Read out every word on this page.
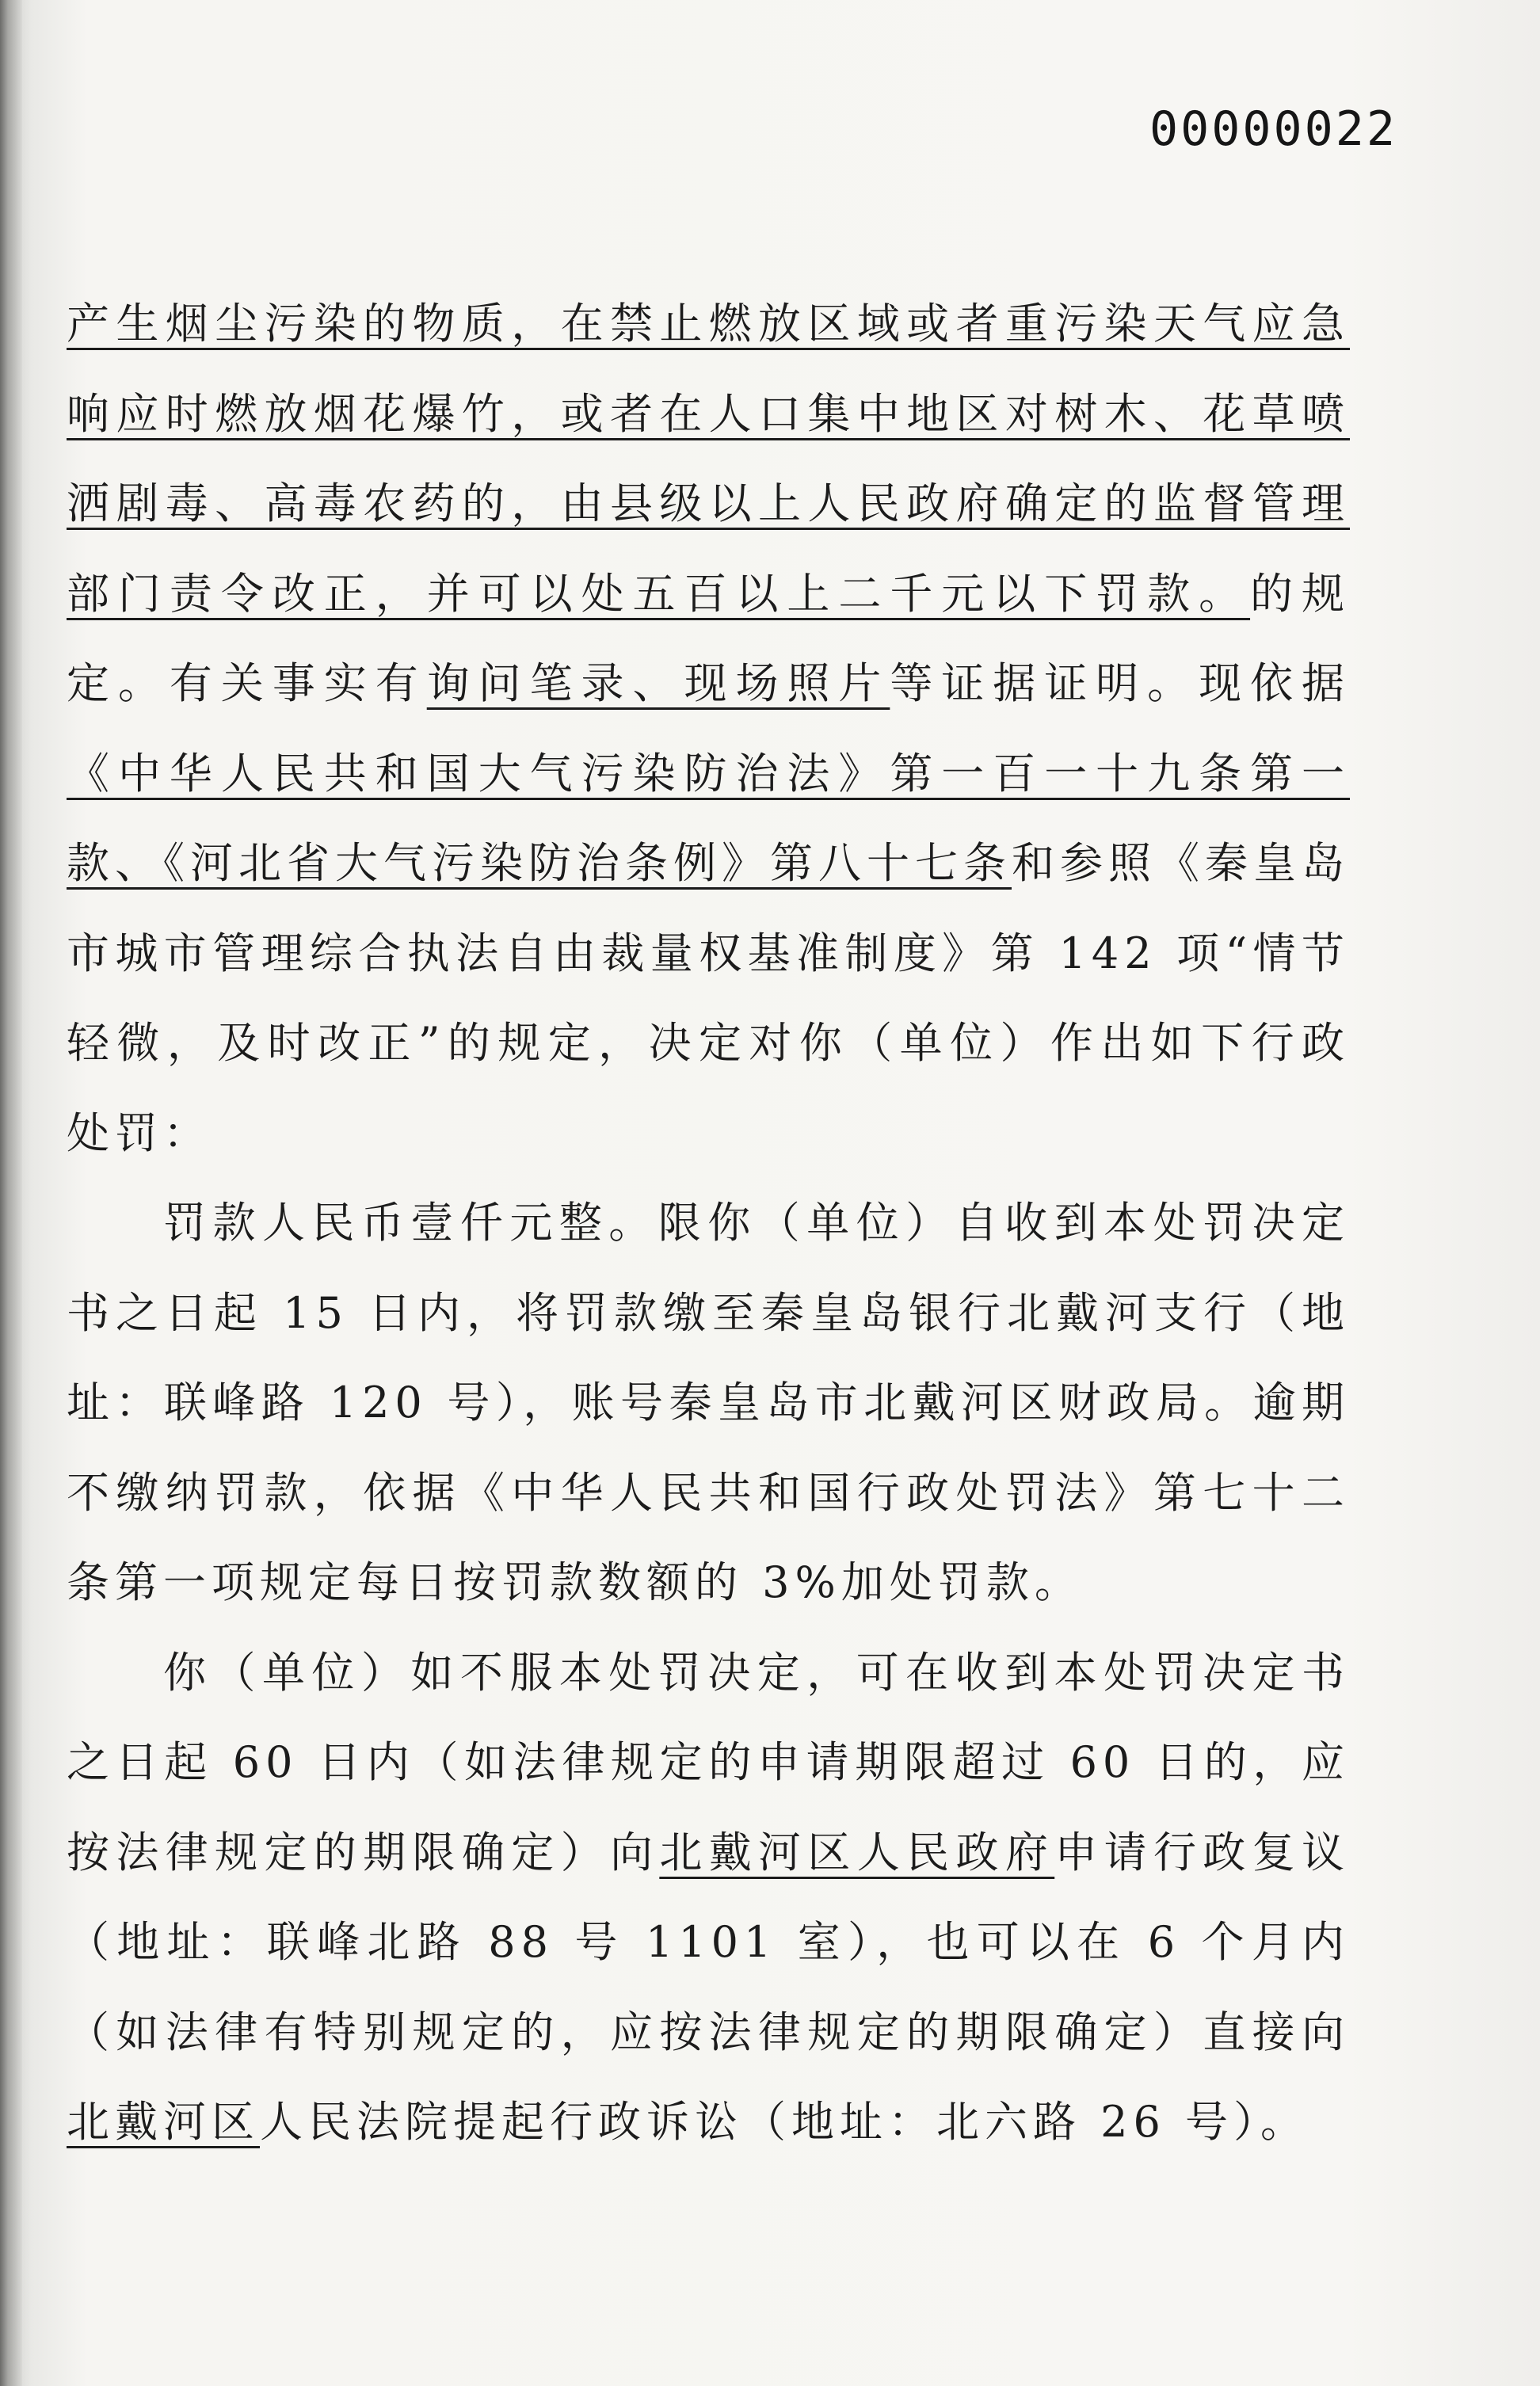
00000022

产生烟尘污染的物质，在禁止燃放区域或者重污染天气应急响应时燃放烟花爆竹，或者在人口集中地区对树木、花草喷洒剧毒、高毒农药的，由县级以上人民政府确定的监督管理部门责令改正，并可以处五百以上二千元以下罚款。的规定。有关事实有询问笔录、现场照片等证据证明。现依据《中华人民共和国大气污染防治法》第一百一十九条第一款、《河北省大气污染防治条例》第八十七条和参照《秦皇岛市城市管理综合执法自由裁量权基准制度》第 142 项“情节轻微，及时改正”的规定，决定对你（单位）作出如下行政处罚：

罚款人民币壹仟元整。限你（单位）自收到本处罚决定书之日起 15 日内，将罚款缴至秦皇岛银行北戴河支行（地址：联峰路 120 号），账号秦皇岛市北戴河区财政局。逾期不缴纳罚款，依据《中华人民共和国行政处罚法》第七十二条第一项规定每日按罚款数额的 3%加处罚款。

你（单位）如不服本处罚决定，可在收到本处罚决定书之日起 60 日内（如法律规定的申请期限超过 60 日的，应按法律规定的期限确定）向北戴河区人民政府申请行政复议（地址：联峰北路 88 号 1101 室），也可以在 6 个月内（如法律有特别规定的，应按法律规定的期限确定）直接向北戴河区人民法院提起行政诉讼（地址：北六路 26 号）。
